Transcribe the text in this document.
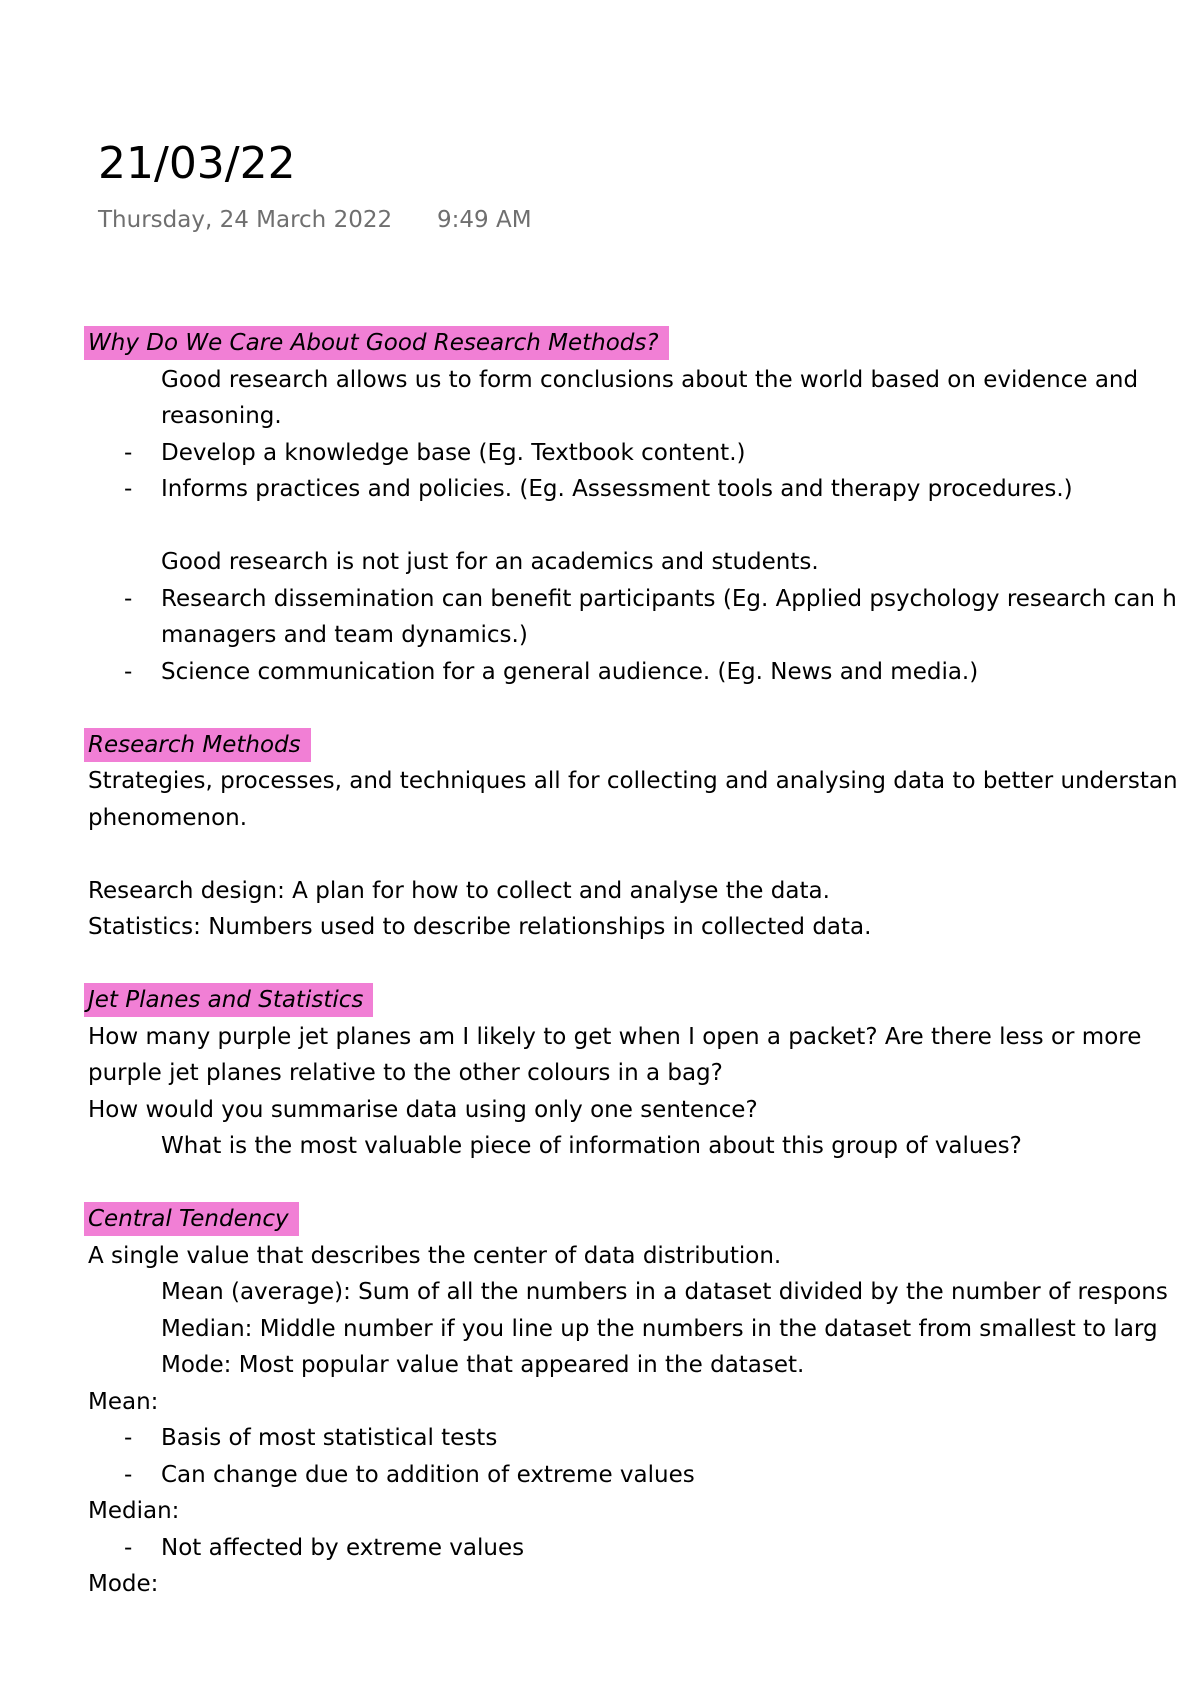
21/03/22
Thursday, 24 March 2022 9:49 AM
Why Do We Care About Good Research Methods?
Good research allows us to form conclusions about the world based on evidence and
reasoning.
- Develop a knowledge base (Eg. Textbook content.)
- Informs practices and policies. (Eg. Assessment tools and therapy procedures.)
Good research is not just for an academics and students.
- Research dissemination can benefit participants (Eg. Applied psychology research can h
managers and team dynamics.)
- Science communication for a general audience. (Eg. News and media.)
Research Methods
Strategies, processes, and techniques all for collecting and analysing data to better understan
phenomenon.
Research design: A plan for how to collect and analyse the data.
Statistics: Numbers used to describe relationships in collected data.
Jet Planes and Statistics
How many purple jet planes am I likely to get when I open a packet? Are there less or more
purple jet planes relative to the other colours in a bag?
How would you summarise data using only one sentence?
What is the most valuable piece of information about this group of values?
Central Tendency
A single value that describes the center of data distribution.
Mean (average): Sum of all the numbers in a dataset divided by the number of respons
Median: Middle number if you line up the numbers in the dataset from smallest to larg
Mode: Most popular value that appeared in the dataset.
Mean:
- Basis of most statistical tests
- Can change due to addition of extreme values
Median:
- Not affected by extreme values
Mode:
